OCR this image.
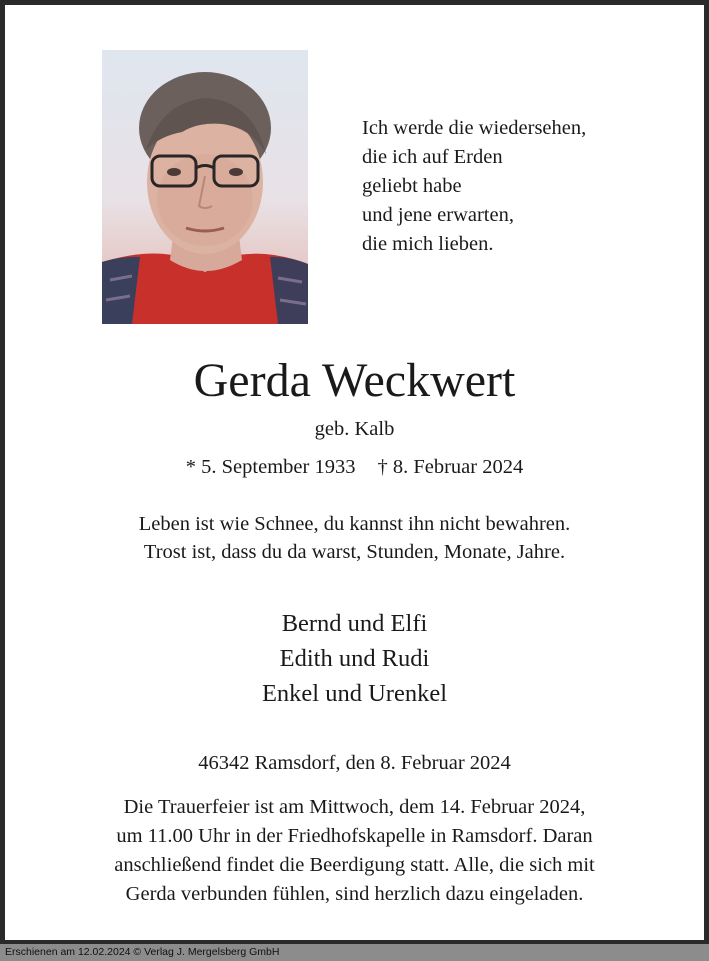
Ich werde die wiedersehen,
die ich auf Erden
geliebt habe
und jene erwarten,
die mich lieben.
Gerda Weckwert
geb. Kalb
* 5. September 1933 † 8. Februar 2024
Leben ist wie Schnee, du kannst ihn nicht bewahren.
Trost ist, dass du da warst, Stunden, Monate, Jahre.
Bernd und Elfi
Edith und Rudi
Enkel und Urenkel
46342 Ramsdorf, den 8. Februar 2024
Die Trauerfeier ist am Mittwoch, dem 14. Februar 2024,
um 11.00 Uhr in der Friedhofskapelle in Ramsdorf. Daran
anschließend findet die Beerdigung statt. Alle, die sich mit
Gerda verbunden fühlen, sind herzlich dazu eingeladen.
Erschienen am 12.02.2024 © Verlag J. Mergelsberg GmbH
